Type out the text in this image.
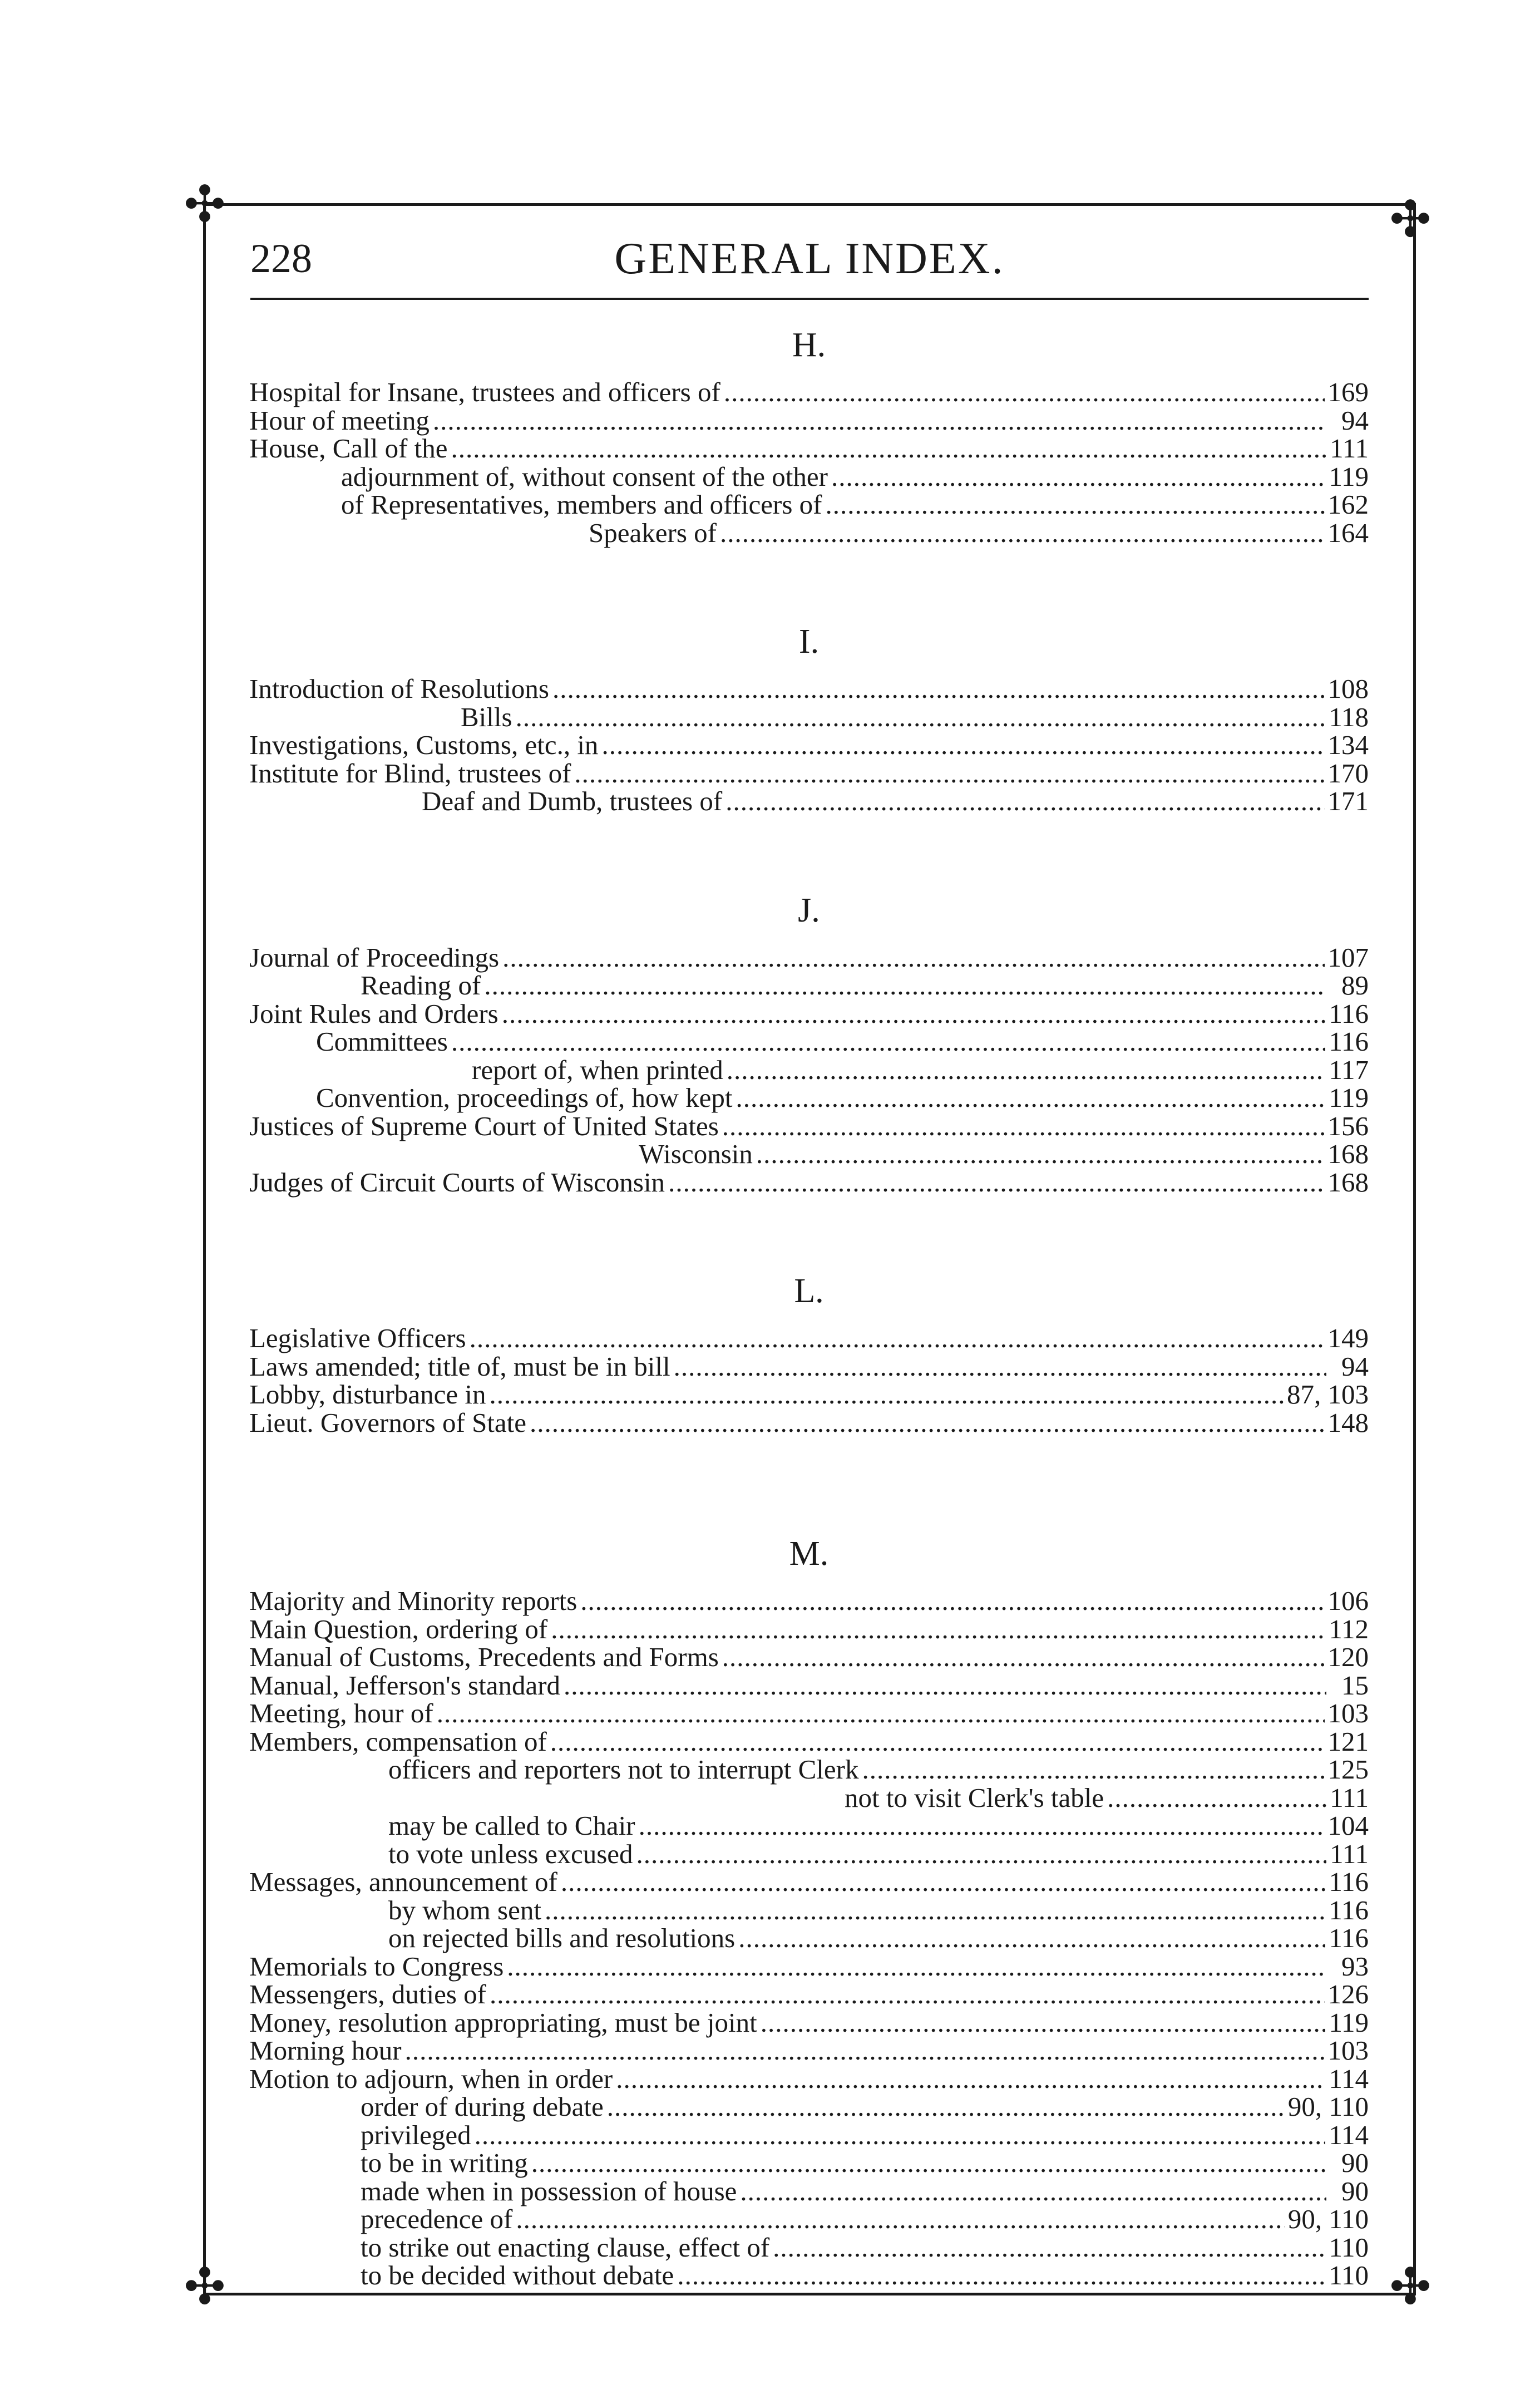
✣	✣
✣	✣
228	GENERAL INDEX.
H.
Hospital for Insane, trustees and officers of .....	169
Hour of meeting .....	94
House, Call of the .....	111
adjournment of, without consent of the other .....	119
of Representatives, members and officers of .....	162
Speakers of .....	164
I.
Introduction of Resolutions .....	108
Bills .....	118
Investigations, Customs, etc., in .....	134
Institute for Blind, trustees of .....	170
Deaf and Dumb, trustees of .....	171
J.
Journal of Proceedings .....	107
Reading of .....	89
Joint Rules and Orders .....	116
Committees .....	116
report of, when printed .....	117
Convention, proceedings of, how kept .....	119
Justices of Supreme Court of United States .....	156
Wisconsin .....	168
Judges of Circuit Courts of Wisconsin .....	168
L.
Legislative Officers .....	149
Laws amended; title of, must be in bill .....	94
Lobby, disturbance in .....	87, 103
Lieut. Governors of State .....	148
M.
Majority and Minority reports .....	106
Main Question, ordering of .....	112
Manual of Customs, Precedents and Forms .....	120
Manual, Jefferson's standard .....	15
Meeting, hour of .....	103
Members, compensation of .....	121
officers and reporters not to interrupt Clerk .....	125
not to visit Clerk's table .....	111
may be called to Chair .....	104
to vote unless excused .....	111
Messages, announcement of .....	116
by whom sent .....	116
on rejected bills and resolutions .....	116
Memorials to Congress .....	93
Messengers, duties of .....	126
Money, resolution appropriating, must be joint .....	119
Morning hour .....	103
Motion to adjourn, when in order .....	114
order of during debate .....	90, 110
privileged .....	114
to be in writing .....	90
made when in possession of house .....	90
precedence of .....	90, 110
to strike out enacting clause, effect of .....	110
to be decided without debate .....	110
